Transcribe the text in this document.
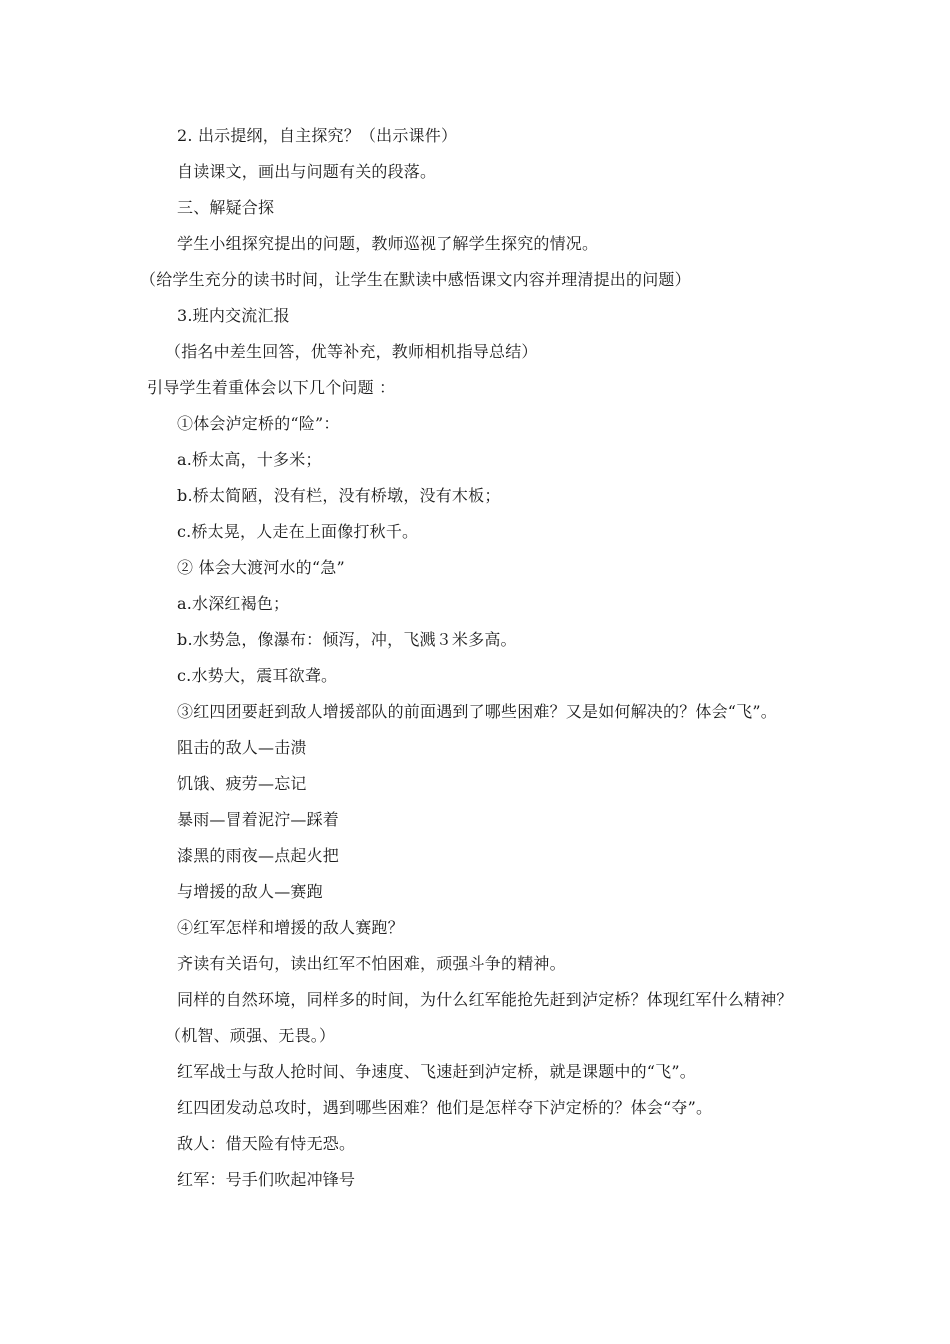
2. 出示提纲，自主探究？（出示课件）
自读课文，画出与问题有关的段落。
三、解疑合探
学生小组探究提出的问题，教师巡视了解学生探究的情况。
（给学生充分的读书时间，让学生在默读中感悟课文内容并理清提出的问题）
3.班内交流汇报
（指名中差生回答，优等补充，教师相机指导总结）
引导学生着重体会以下几个问题 ：
①体会泸定桥的“险”：
a.桥太高，十多米；
b.桥太简陋，没有栏，没有桥墩，没有木板；
c.桥太晃，人走在上面像打秋千。
② 体会大渡河水的“急”
a.水深红褐色；
b.水势急，像瀑布：倾泻，冲，飞溅３米多高。
c.水势大，震耳欲聋。
③红四团要赶到敌人增援部队的前面遇到了哪些困难？又是如何解决的？体会“飞”。
阻击的敌人—击溃
饥饿、疲劳—忘记
暴雨—冒着泥泞—踩着
漆黑的雨夜—点起火把
与增援的敌人—赛跑
④红军怎样和增援的敌人赛跑？
齐读有关语句，读出红军不怕困难，顽强斗争的精神。
同样的自然环境，同样多的时间，为什么红军能抢先赶到泸定桥？体现红军什么精神？
（机智、顽强、无畏。）
红军战士与敌人抢时间、争速度、飞速赶到泸定桥，就是课题中的“飞”。
红四团发动总攻时，遇到哪些困难？他们是怎样夺下泸定桥的？体会“夺”。
敌人：借天险有恃无恐。
红军：号手们吹起冲锋号
